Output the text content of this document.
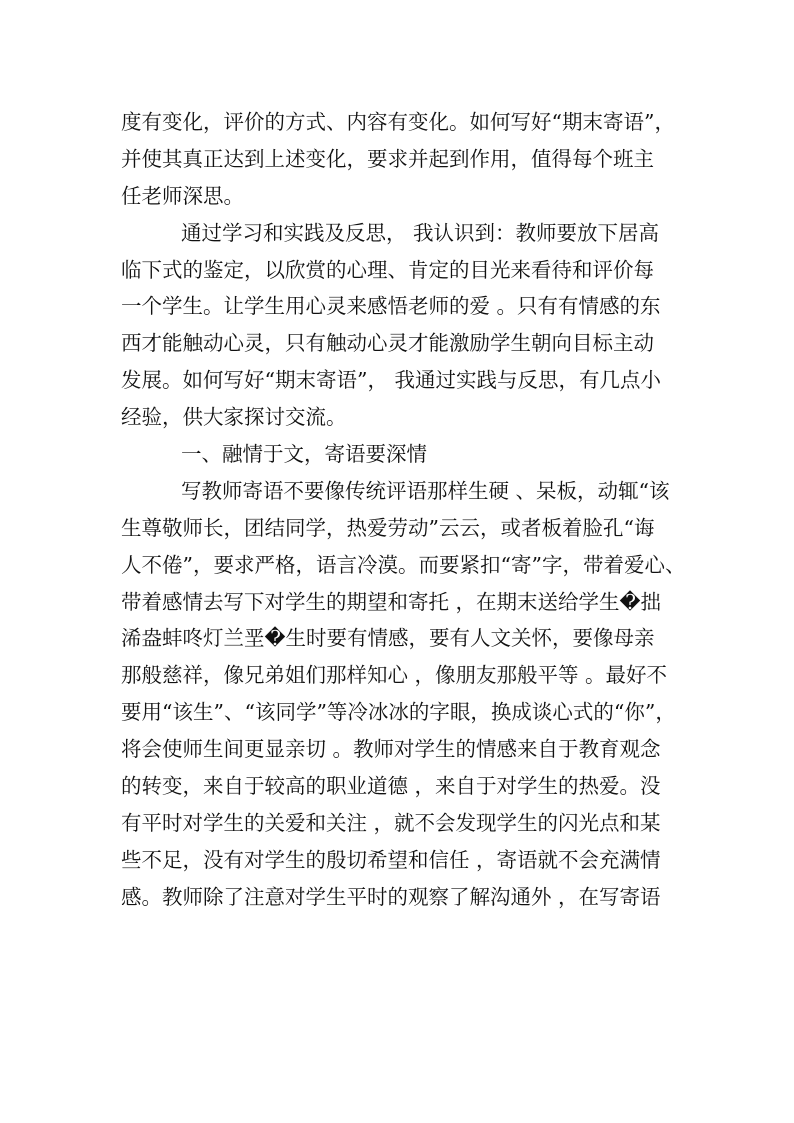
度有变化，评价的方式、内容有变化。如何写好“期末寄语”，
并使其真正达到上述变化，要求并起到作用，值得每个班主
任老师深思。
通过学习和实践及反思， 我认识到：教师要放下居高
临下式的鉴定，以欣赏的心理、肯定的目光来看待和评价每
一个学生。让学生用心灵来感悟老师的爱 。只有有情感的东
西才能触动心灵，只有触动心灵才能激励学生朝向目标主动
发展。如何写好“期末寄语”， 我通过实践与反思，有几点小
经验，供大家探讨交流。
一、融情于文，寄语要深情
写教师寄语不要像传统评语那样生硬 、呆板，动辄“该
生尊敬师长，团结同学，热爱劳动”云云，或者板着脸孔“诲
人不倦”，要求严格，语言冷漠。而要紧扣“寄”字，带着爱心、
带着感情去写下对学生的期望和寄托 ，在期末送给学生�拙
浠盎蚌咚灯兰垩�生时要有情感，要有人文关怀，要像母亲
那般慈祥，像兄弟姐们那样知心 ，像朋友那般平等 。最好不
要用“该生”、“该同学”等冷冰冰的字眼，换成谈心式的“你”，
将会使师生间更显亲切 。教师对学生的情感来自于教育观念
的转变，来自于较高的职业道德 ，来自于对学生的热爱。没
有平时对学生的关爱和关注 ，就不会发现学生的闪光点和某
些不足，没有对学生的殷切希望和信任 ，寄语就不会充满情
感。教师除了注意对学生平时的观察了解沟通外 ，在写寄语
